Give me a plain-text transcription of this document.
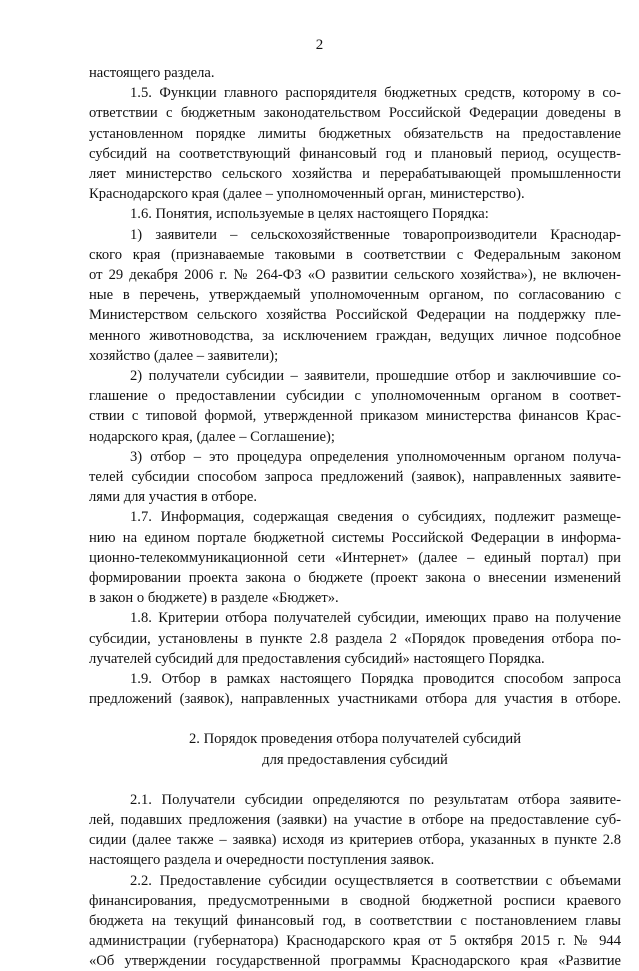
2
настоящего раздела.
1.5. Функции главного распорядителя бюджетных средств, которому в со-
ответствии с бюджетным законодательством Российской Федерации доведены в
установленном порядке лимиты бюджетных обязательств на предоставление
субсидий на соответствующий финансовый год и плановый период, осуществ-
ляет министерство сельского хозяйства и перерабатывающей промышленности
Краснодарского края (далее – уполномоченный орган, министерство).
1.6. Понятия, используемые в целях настоящего Порядка:
1) заявители – сельскохозяйственные товаропроизводители Краснодар-
ского края (признаваемые таковыми в соответствии с Федеральным законом
от 29 декабря 2006 г. № 264-ФЗ «О развитии сельского хозяйства»), не включен-
ные в перечень, утверждаемый уполномоченным органом, по согласованию с
Министерством сельского хозяйства Российской Федерации на поддержку пле-
менного животноводства, за исключением граждан, ведущих личное подсобное
хозяйство (далее – заявители);
2) получатели субсидии – заявители, прошедшие отбор и заключившие со-
глашение о предоставлении субсидии с уполномоченным органом в соответ-
ствии с типовой формой, утвержденной приказом министерства финансов Крас-
нодарского края, (далее – Соглашение);
3) отбор – это процедура определения уполномоченным органом получа-
телей субсидии способом запроса предложений (заявок), направленных заявите-
лями для участия в отборе.
1.7. Информация, содержащая сведения о субсидиях, подлежит размеще-
нию на едином портале бюджетной системы Российской Федерации в информа-
ционно-телекоммуникационной сети «Интернет» (далее – единый портал) при
формировании проекта закона о бюджете (проект закона о внесении изменений
в закон о бюджете) в разделе «Бюджет».
1.8. Критерии отбора получателей субсидии, имеющих право на получение
субсидии, установлены в пункте 2.8 раздела 2 «Порядок проведения отбора по-
лучателей субсидий для предоставления субсидий» настоящего Порядка.
1.9. Отбор в рамках настоящего Порядка проводится способом запроса
предложений (заявок), направленных участниками отбора для участия в отборе.
2. Порядок проведения отбора получателей субсидий
для предоставления субсидий
2.1. Получатели субсидии определяются по результатам отбора заявите-
лей, подавших предложения (заявки) на участие в отборе на предоставление суб-
сидии (далее также – заявка) исходя из критериев отбора, указанных в пункте 2.8
настоящего раздела и очередности поступления заявок.
2.2. Предоставление субсидии осуществляется в соответствии с объемами
финансирования, предусмотренными в сводной бюджетной росписи краевого
бюджета на текущий финансовый год, в соответствии с постановлением главы
администрации (губернатора) Краснодарского края от 5 октября 2015 г. № 944
«Об утверждении государственной программы Краснодарского края «Развитие
